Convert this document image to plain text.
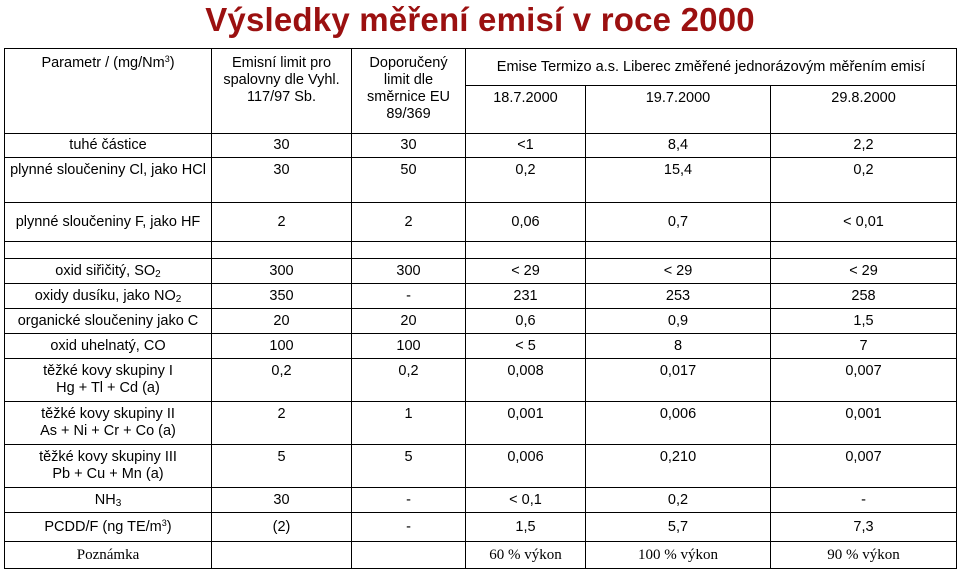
Výsledky měření emisí v roce 2000
Parametr / (mg/Nm$^3$)	Emisní limit pro spalovny dle Vyhl. 117/97 Sb.	Doporučený limit dle směrnice EU 89/369	Emise Termizo a.s. Liberec změřené jednorázovým měřením emisí		
			18.7.2000	19.7.2000	29.8.2000
tuhé částice	30	30	<1	8,4	2,2
plynné sloučeniny Cl, jako HCl	30	50	0,2	15,4	0,2
plynné sloučeniny F, jako HF	2	2	0,06	0,7	< 0,01

oxid siřičitý, $SO_2$	300	300	< 29	< 29	< 29
oxidy dusíku, jako $NO_2$	350	-	231	253	258
organické sloučeniny jako C	20	20	0,6	0,9	1,5
oxid uhelnatý, CO	100	100	< 5	8	7

těžké kovy skupiny I
Hg + Tl + Cd (a)	0,2	0,2	0,008	0,017	0,007

těžké kovy skupiny II
As + Ni + Cr + Co (a)	2	1	0,001	0,006	0,001

těžké kovy skupiny III
Pb + Cu + Mn (a)	5	5	0,006	0,210	0,007
$NH_3$	30	-	< 0,1	0,2	-
PCDD/F (ng $TE/m^3$)	(2)	-	1,5	5,7	7,3
Poznámka			60 % výkon	100 % výkon	90 % výkon
